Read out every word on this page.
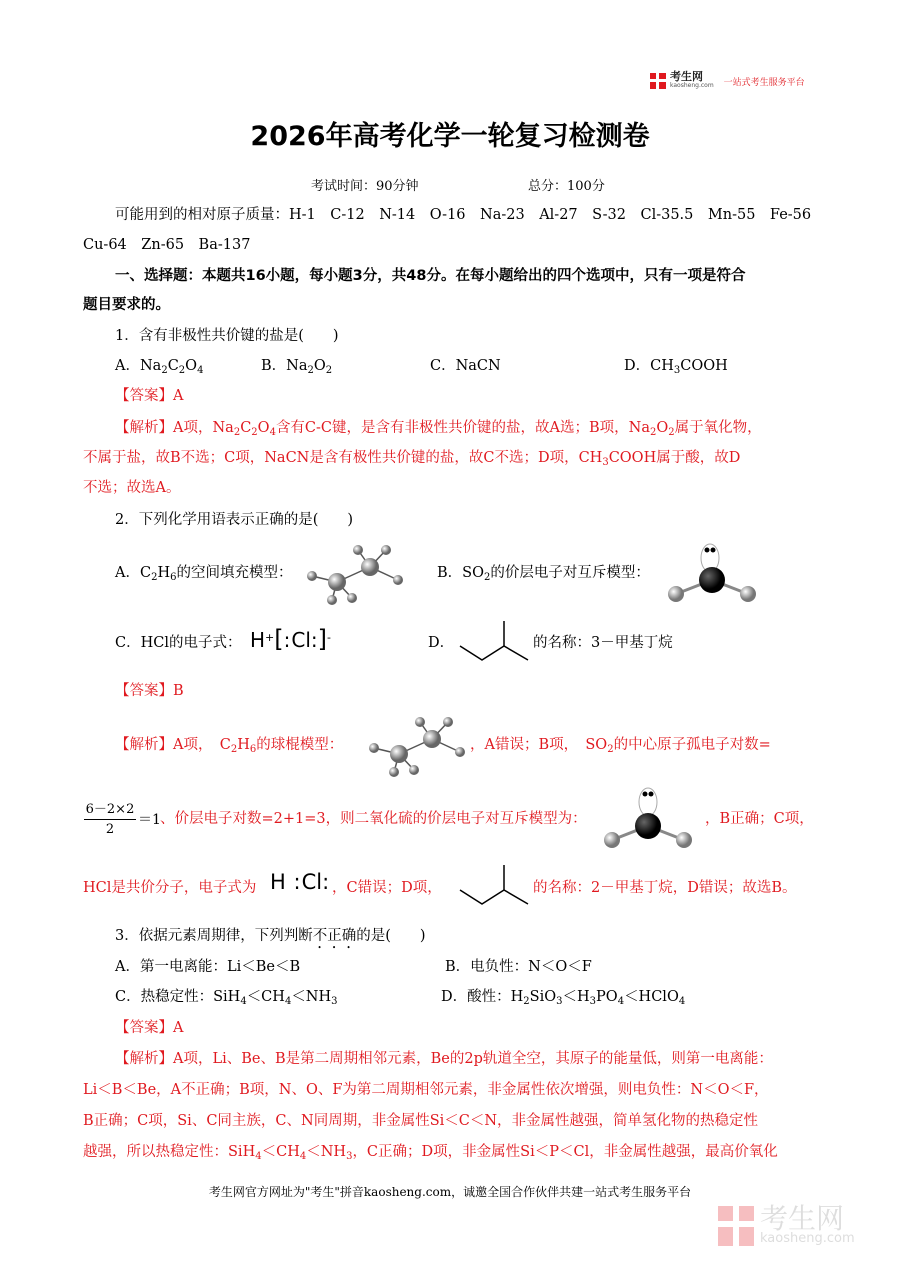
考生网
kaosheng.com 一站式考生服务平台
2026年高考化学一轮复习检测卷
考试时间：90分钟	总分：100分
可能用到的相对原子质量：H-1　C-12　N-14　O-16　Na-23　Al-27　S-32　Cl-35.5　Mn-55　Fe-56
Cu-64　Zn-65　Ba-137
一、选择题：本题共16小题，每小题3分，共48分。在每小题给出的四个选项中，只有一项是符合
题目要求的。
1．含有非极性共价键的盐是(　　)
A．$Na_2C_2O_4$	B．$Na_2O_2$	C．NaCN	D．$CH_3COOH$
【答案】A
【解析】A项，$Na_2C_2O_4$含有C-C键，是含有非极性共价键的盐，故A选；B项，$Na_2O_2$属于氧化物，
不属于盐，故B不选；C项，NaCN是含有极性共价键的盐，故C不选；D项，$CH_3COOH$属于酸，故D
不选；故选A。
2．下列化学用语表示正确的是(　　)
A．$C_2H_6$的空间填充模型：	B．$SO_2$的价层电子对互斥模型：
C．HCl的电子式： H+[:Cl:]-	D．	的名称：3－甲基丁烷
【答案】B
【解析】A项，　$C_2H_6$的球棍模型：	，A错误；B项，　$SO_2$的中心原子孤电子对数=
$\frac{6-2\times 2}{2} =1$ 、价层电子对数=2+1=3，则二氧化硫的价层电子对互斥模型为：	，B正确；C项，
HCl是共价分子，电子式为 H :Cl: ，C错误；D项，	的名称：2－甲基丁烷，D错误；故选B。
3．依据元素周期律，下列判断不正确的是(　　)
A．第一电离能：Li＜Be＜B	B．电负性：N＜O＜F
C．热稳定性：$SiH_4<CH_4<NH_3$	D．酸性：$H_2SiO_3<H_3PO_4<HClO_4$
【答案】A
【解析】A项，Li、Be、B是第二周期相邻元素，Be的2p轨道全空，其原子的能量低，则第一电离能：
Li＜B＜Be，A不正确；B项，N、O、F为第二周期相邻元素，非金属性依次增强，则电负性：N＜O＜F，
B正确；C项，Si、C同主族，C、N同周期，非金属性Si＜C＜N，非金属性越强，简单氢化物的热稳定性
越强，所以热稳定性：$SiH_4<CH_4<NH_3$，C正确；D项，非金属性Si＜P＜Cl，非金属性越强，最高价氧化
考生网官方网址为"考生"拼音kaosheng.com，诚邀全国合作伙伴共建一站式考生服务平台
考生网
kaosheng.com
